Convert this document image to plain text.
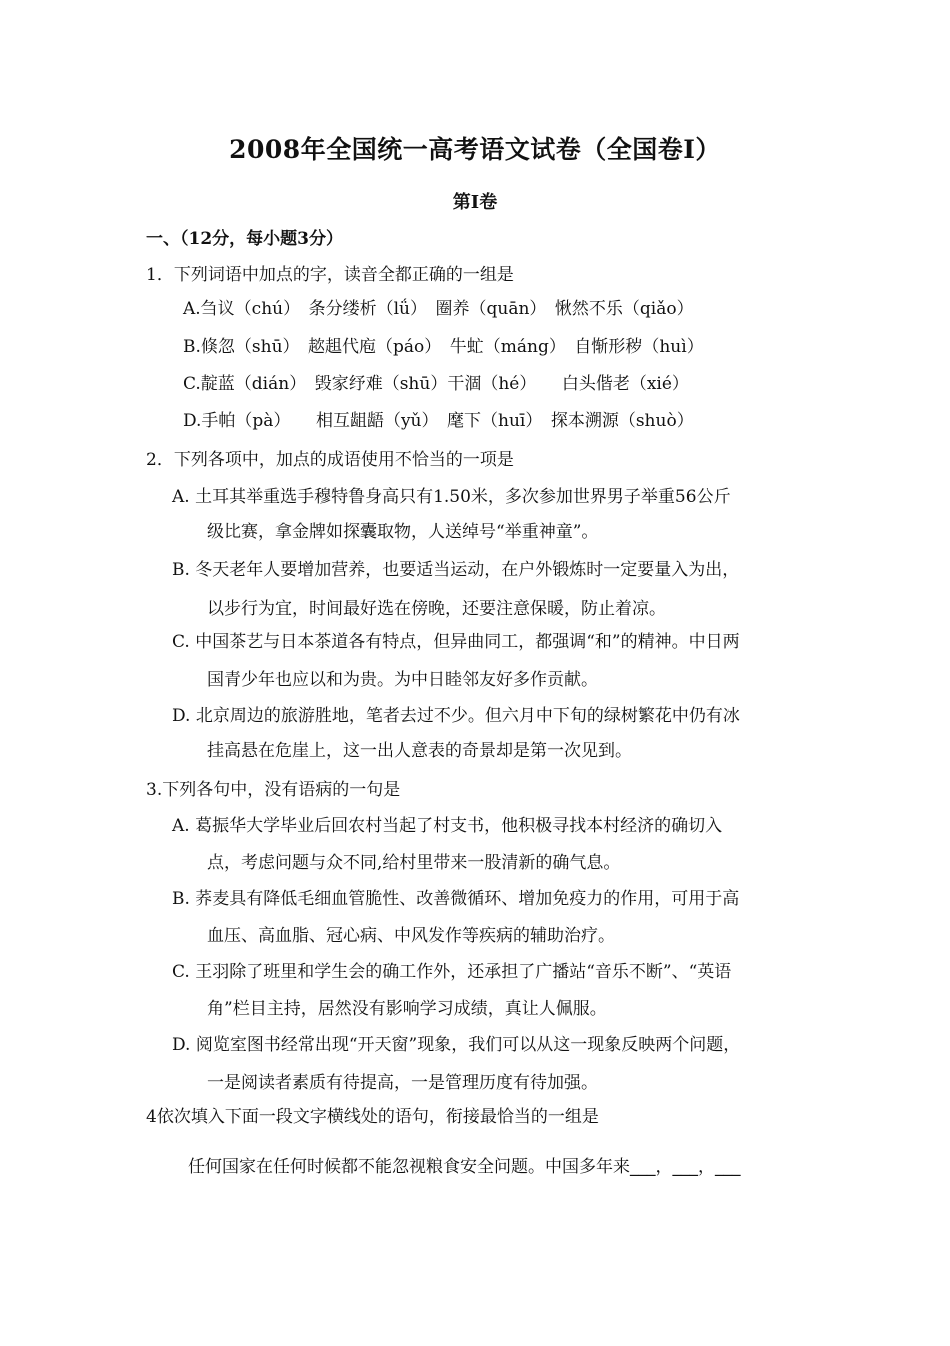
2008年全国统一高考语文试卷（全国卷Ⅰ）
第Ⅰ卷
一、（12分，每小题3分）
1．下列词语中加点的字，读音全都正确的一组是
A.刍议（chú）　条分缕析（lǘ）　圈养（quān）　愀然不乐（qiǎo）
B.倏忽（shū）　趑趄代庖（páo）　牛虻（máng）　自惭形秽（huì）
C.靛蓝（dián）　毁家纾难（shū）干涸（hé）　　白头偕老（xié）
D.手帕（pà）　　相互龃龉（yǔ）　麾下（huī）　探本溯源（shuò）
2．下列各项中，加点的成语使用不恰当的一项是
A. 土耳其举重选手穆特鲁身高只有1.50米，多次参加世界男子举重56公斤
级比赛，拿金牌如探囊取物，人送绰号“举重神童”。
B. 冬天老年人要增加营养，也要适当运动，在户外锻炼时一定要量入为出，
以步行为宜，时间最好选在傍晚，还要注意保暖，防止着凉。
C. 中国茶艺与日本茶道各有特点，但异曲同工，都强调“和”的精神。中日两
国青少年也应以和为贵。为中日睦邻友好多作贡献。
D. 北京周边的旅游胜地，笔者去过不少。但六月中下旬的绿树繁花中仍有冰
挂高悬在危崖上，这一出人意表的奇景却是第一次见到。
3.下列各句中，没有语病的一句是
A. 葛振华大学毕业后回农村当起了村支书，他积极寻找本村经济的确切入
点，考虑问题与众不同,给村里带来一股清新的确气息。
B. 荞麦具有降低毛细血管脆性、改善微循环、增加免疫力的作用，可用于高
血压、高血脂、冠心病、中风发作等疾病的辅助治疗。
C. 王羽除了班里和学生会的确工作外，还承担了广播站“音乐不断”、“英语
角”栏目主持，居然没有影响学习成绩，真让人佩服。
D. 阅览室图书经常出现“开天窗”现象，我们可以从这一现象反映两个问题，
一是阅读者素质有待提高，一是管理历度有待加强。
4依次填入下面一段文字横线处的语句，衔接最恰当的一组是
任何国家在任何时候都不能忽视粮食安全问题。中国多年来___，___，___
